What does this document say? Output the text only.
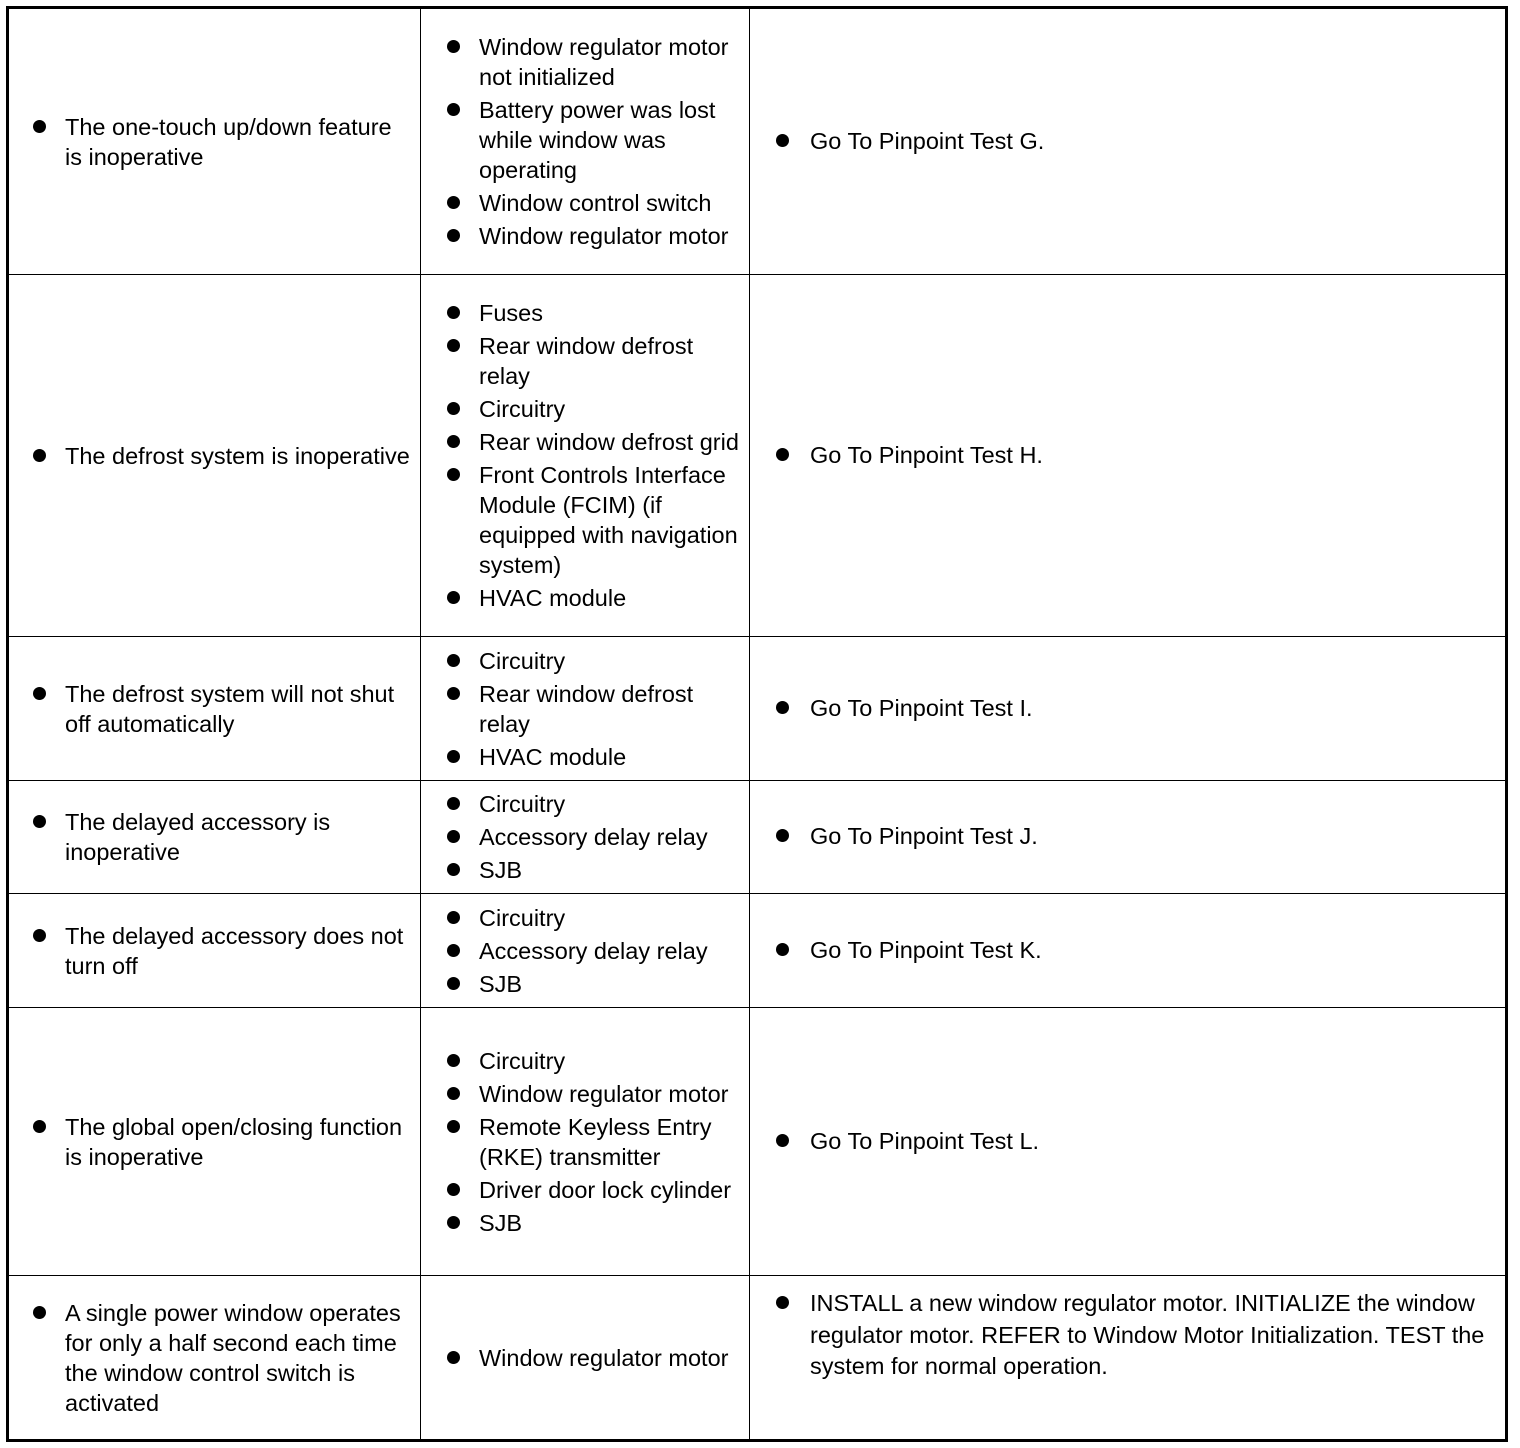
The one-touch up/down feature is inoperative
Window regulator motor not initialized
Battery power was lost while window was operating
Window control switch
Window regulator motor
Go To Pinpoint Test G.
The defrost system is inoperative
Fuses
Rear window defrost relay
Circuitry
Rear window defrost grid
Front Controls Interface Module (FCIM) (if equipped with navigation system)
HVAC module
Go To Pinpoint Test H.
The defrost system will not shut off automatically
Circuitry
Rear window defrost relay
HVAC module
Go To Pinpoint Test I.
The delayed accessory is inoperative
Circuitry
Accessory delay relay
SJB
Go To Pinpoint Test J.
The delayed accessory does not turn off
Circuitry
Accessory delay relay
SJB
Go To Pinpoint Test K.
The global open/closing function is inoperative
Circuitry
Window regulator motor
Remote Keyless Entry (RKE) transmitter
Driver door lock cylinder
SJB
Go To Pinpoint Test L.
A single power window operates for only a half second each time the window control switch is activated
Window regulator motor
INSTALL a new window regulator motor. INITIALIZE the window regulator motor. REFER to Window Motor Initialization. TEST the system for normal operation.
